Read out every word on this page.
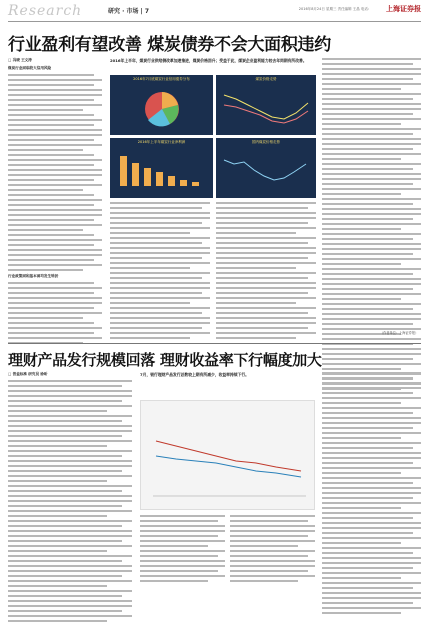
Research	研究 · 市场 | 7	2016年8月24日 星期三 责任编辑 王晶 电话: 上海证券报
行业盈利有望改善 煤炭债券不会大面积违约
□ 冯晓 王文涛
煤炭行业面临较大信用风险
行业政策面和基本面均发生转折
2016年上半年，煤炭行业供给侧改革加速推进，煤炭价格回升；受益于此，煤炭企业盈利能力较去年同期有所改善。
2016年7月底煤炭行业信用债券分布	煤炭价格走势
2016年上半年煤炭行业净利润	国内煤炭价格走势
（作者单位：上海证券报）
理财产品发行规模回落 理财收益率下行幅度加大
7月，银行理财产品发行总数较上期有所减少，收益率持续下行。
□ 普益标准 研究员 徐昕
